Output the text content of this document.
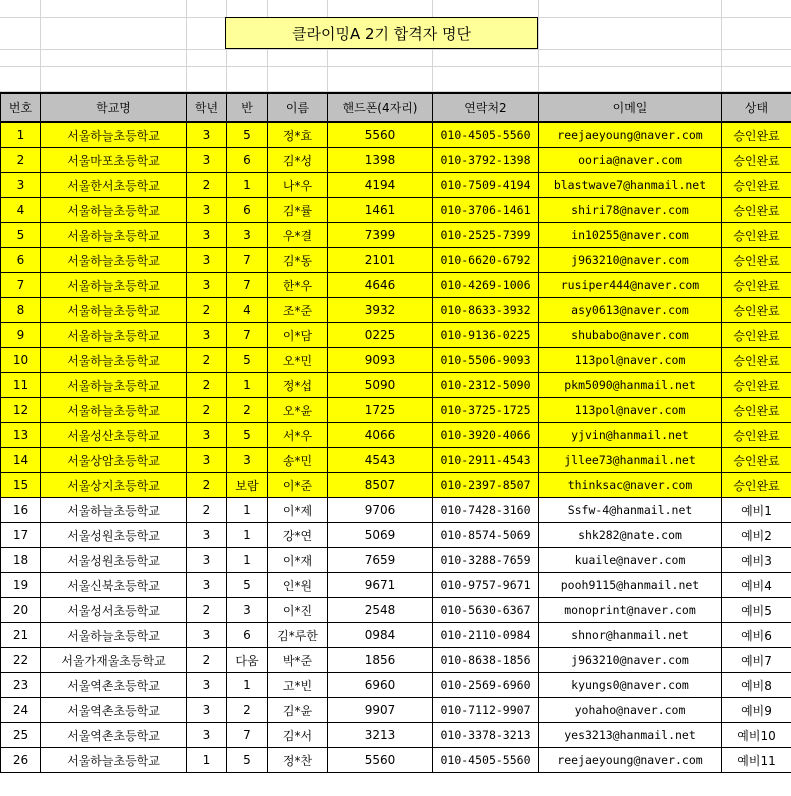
클라이밍A 2기 합격자 명단
번호	학교명	학년	반	이름	핸드폰(4자리)	연락처2	이메일	상태
1	서울하늘초등학교	3	5	정*효	5560	010-4505-5560	reejaeyoung@naver.com	승인완료
2	서울마포초등학교	3	6	김*성	1398	010-3792-1398	ooria@naver.com	승인완료
3	서울한서초등학교	2	1	나*우	4194	010-7509-4194	blastwave7@hanmail.net	승인완료
4	서울하늘초등학교	3	6	김*률	1461	010-3706-1461	shiri78@naver.com	승인완료
5	서울하늘초등학교	3	3	우*결	7399	010-2525-7399	in10255@naver.com	승인완료
6	서울하늘초등학교	3	7	김*동	2101	010-6620-6792	j963210@naver.com	승인완료
7	서울하늘초등학교	3	7	한*우	4646	010-4269-1006	rusiper444@naver.com	승인완료
8	서울하늘초등학교	2	4	조*준	3932	010-8633-3932	asy0613@naver.com	승인완료
9	서울하늘초등학교	3	7	이*담	0225	010-9136-0225	shubabo@naver.com	승인완료
10	서울하늘초등학교	2	5	오*민	9093	010-5506-9093	113pol@naver.com	승인완료
11	서울하늘초등학교	2	1	정*섭	5090	010-2312-5090	pkm5090@hanmail.net	승인완료
12	서울하늘초등학교	2	2	오*윤	1725	010-3725-1725	113pol@naver.com	승인완료
13	서울성산초등학교	3	5	서*우	4066	010-3920-4066	yjvin@hanmail.net	승인완료
14	서울상암초등학교	3	3	송*민	4543	010-2911-4543	jllee73@hanmail.net	승인완료
15	서울상지초등학교	2	보람	이*준	8507	010-2397-8507	thinksac@naver.com	승인완료
16	서울하늘초등학교	2	1	이*제	9706	010-7428-3160	Ssfw-4@hanmail.net	예비1
17	서울성원초등학교	3	1	강*연	5069	010-8574-5069	shk282@nate.com	예비2
18	서울성원초등학교	3	1	이*재	7659	010-3288-7659	kuaile@naver.com	예비3
19	서울신북초등학교	3	5	인*원	9671	010-9757-9671	pooh9115@hanmail.net	예비4
20	서울성서초등학교	2	3	이*진	2548	010-5630-6367	monoprint@naver.com	예비5
21	서울하늘초등학교	3	6	김*루한	0984	010-2110-0984	shnor@hanmail.net	예비6
22	서울가재울초등학교	2	다움	박*준	1856	010-8638-1856	j963210@naver.com	예비7
23	서울역촌초등학교	3	1	고*빈	6960	010-2569-6960	kyungs0@naver.com	예비8
24	서울역촌초등학교	3	2	김*윤	9907	010-7112-9907	yohaho@naver.com	예비9
25	서울역촌초등학교	3	7	김*서	3213	010-3378-3213	yes3213@hanmail.net	예비10
26	서울하늘초등학교	1	5	정*찬	5560	010-4505-5560	reejaeyoung@naver.com	예비11
